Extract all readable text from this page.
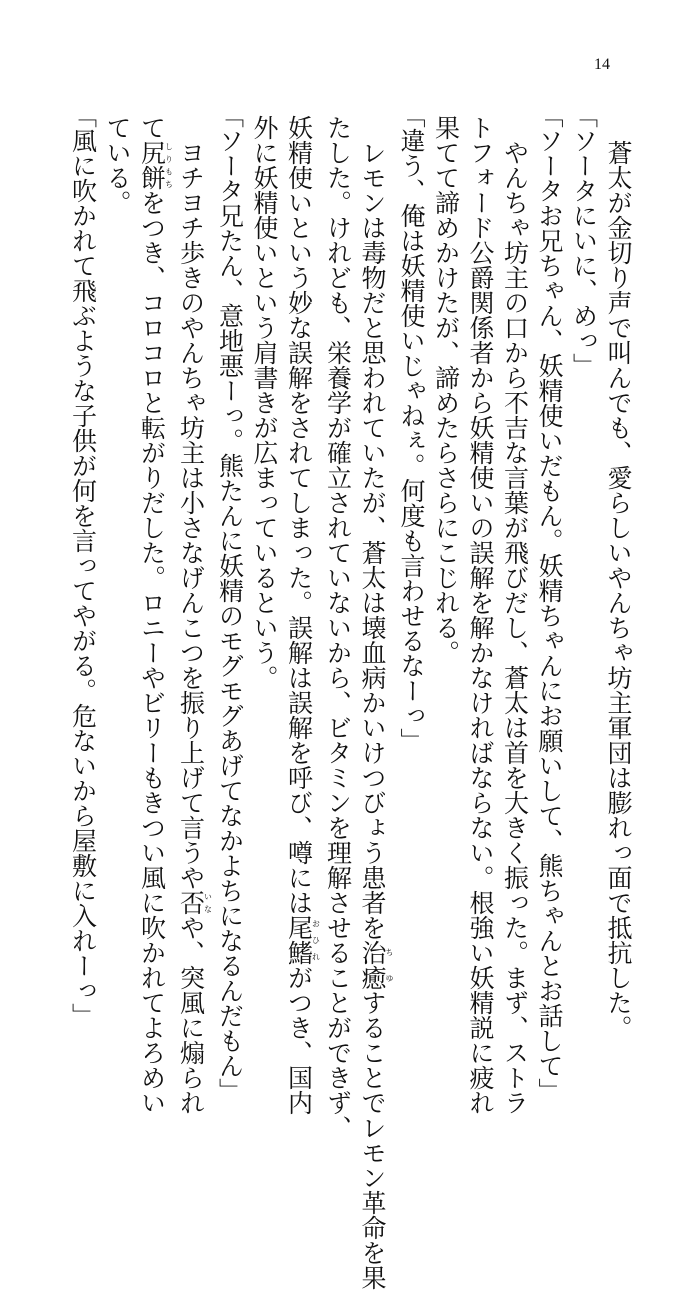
14

　蒼太が金切り声で叫んでも、愛らしいやんちゃ坊主軍団は膨れっ面で抵抗した。

「ソータにいに、めっ」

「ソータお兄ちゃん、妖精使いだもん。妖精ちゃんにお願いして、熊ちゃんとお話して」

　やんちゃ坊主の口から不吉な言葉が飛びだし、蒼太は首を大きく振った。まず、ストラ

トフォード公爵関係者から妖精使いの誤解を解かなければならない。根強い妖精説に疲れ

果てて諦めかけたが、諦めたらさらにこじれる。

「違う、俺は妖精使いじゃねぇ。何度も言わせるなーっ」

　レモンは毒物だと思われていたが、蒼太は壊血病かいけつびょう患者を治癒ちゆすることでレモン革命を果

たした。けれども、栄養学が確立されていないから、ビタミンを理解させることができず、

妖精使いという妙な誤解をされてしまった。誤解は誤解を呼び、噂には尾鰭おひれがつき、国内

外に妖精使いという肩書きが広まっているという。

「ソータ兄たん、意地悪ーっ。熊たんに妖精のモグモグあげてなかよちになるんだもん」

　ヨチヨチ歩きのやんちゃ坊主は小さなげんこつを振り上げて言うや否いなや、突風に煽られ

て尻餅しりもちをつき、コロコロと転がりだした。ロニーやビリーもきつい風に吹かれてよろめい

ている。

「風に吹かれて飛ぶような子供が何を言ってやがる。危ないから屋敷に入れーっ」
